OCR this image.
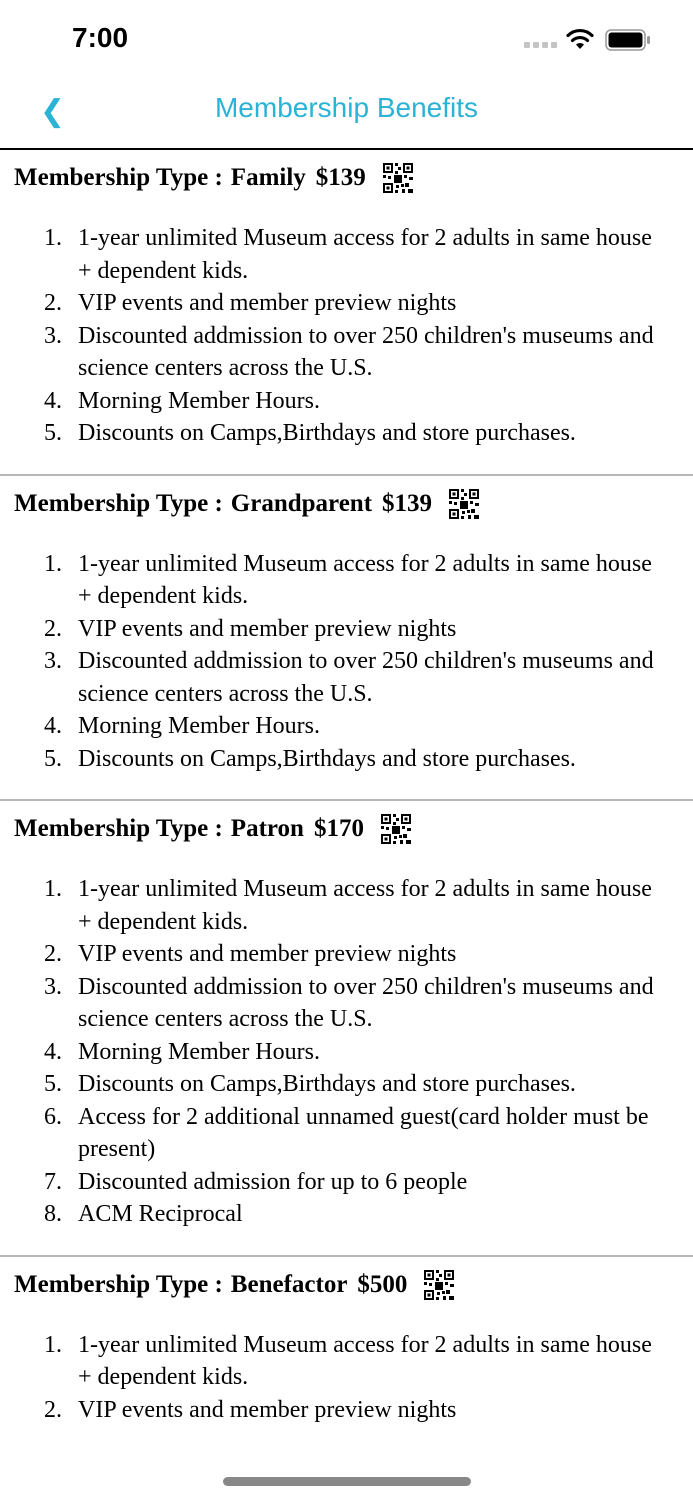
7:00
❮	Membership Benefits
Membership Type : Family $139
1. 1-year unlimited Museum access for 2 adults in same house + dependent kids.
2. VIP events and member preview nights
3. Discounted addmission to over 250 children's museums and science centers across the U.S.
4. Morning Member Hours.
5. Discounts on Camps,Birthdays and store purchases.
Membership Type : Grandparent $139
1. 1-year unlimited Museum access for 2 adults in same house + dependent kids.
2. VIP events and member preview nights
3. Discounted addmission to over 250 children's museums and science centers across the U.S.
4. Morning Member Hours.
5. Discounts on Camps,Birthdays and store purchases.
Membership Type : Patron $170
1. 1-year unlimited Museum access for 2 adults in same house + dependent kids.
2. VIP events and member preview nights
3. Discounted addmission to over 250 children's museums and science centers across the U.S.
4. Morning Member Hours.
5. Discounts on Camps,Birthdays and store purchases.
6. Access for 2 additional unnamed guest(card holder must be present)
7. Discounted admission for up to 6 people
8. ACM Reciprocal
Membership Type : Benefactor $500
1. 1-year unlimited Museum access for 2 adults in same house + dependent kids.
2. VIP events and member preview nights
